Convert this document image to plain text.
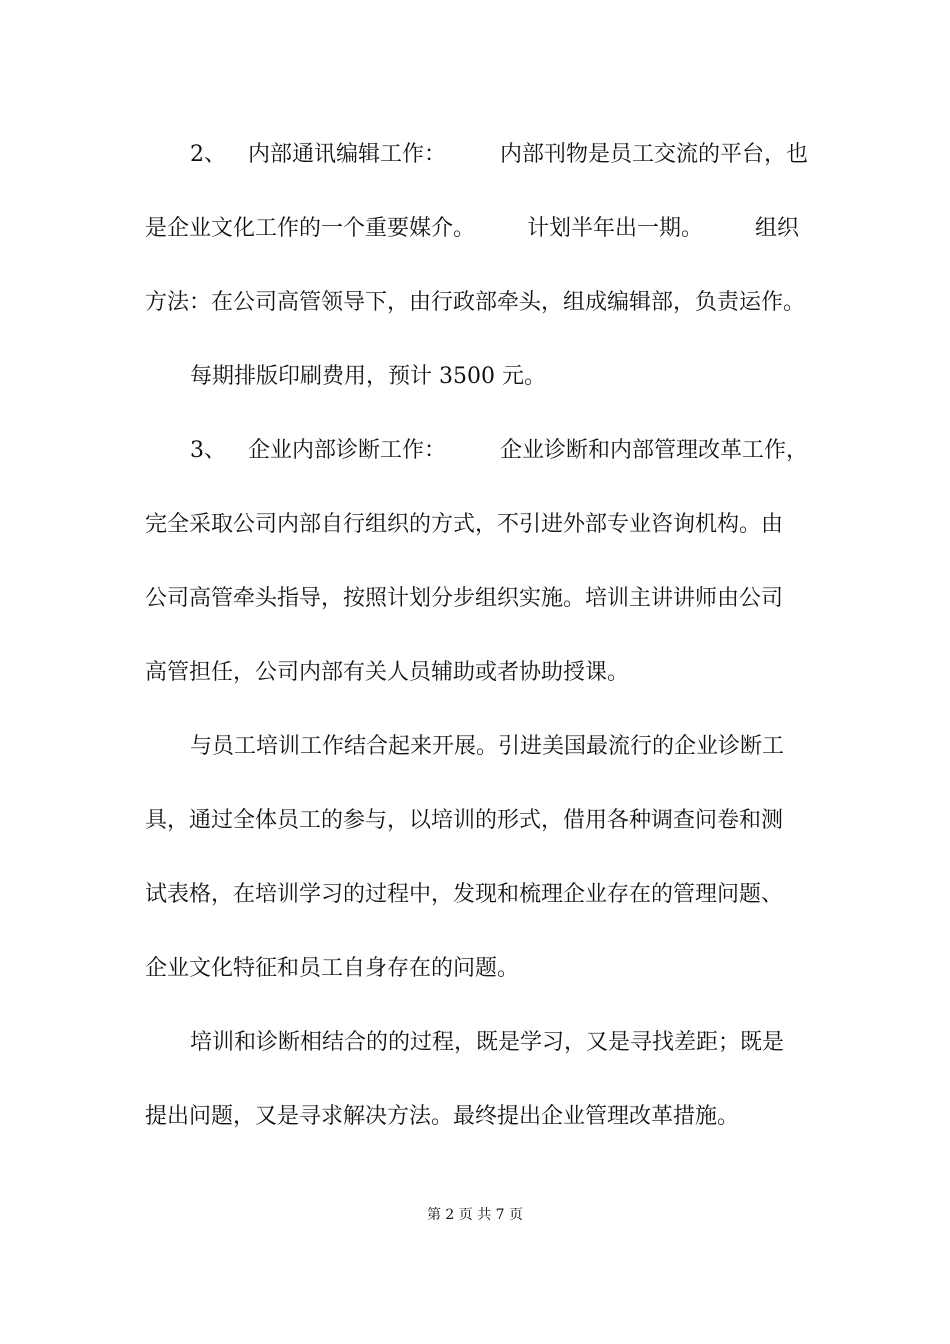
2、 内部通讯编辑工作： 内部刊物是员工交流的平台，也
是企业文化工作的一个重要媒介。 计划半年出一期。 组织
方法：在公司高管领导下，由行政部牵头，组成编辑部，负责运作。
每期排版印刷费用，预计 3500 元。
3、 企业内部诊断工作： 企业诊断和内部管理改革工作，
完全采取公司内部自行组织的方式，不引进外部专业咨询机构。由
公司高管牵头指导，按照计划分步组织实施。培训主讲讲师由公司
高管担任，公司内部有关人员辅助或者协助授课。
与员工培训工作结合起来开展。引进美国最流行的企业诊断工
具，通过全体员工的参与，以培训的形式，借用各种调查问卷和测
试表格，在培训学习的过程中，发现和梳理企业存在的管理问题、
企业文化特征和员工自身存在的问题。
培训和诊断相结合的的过程，既是学习，又是寻找差距；既是
提出问题，又是寻求解决方法。最终提出企业管理改革措施。
第 2 页 共 7 页
